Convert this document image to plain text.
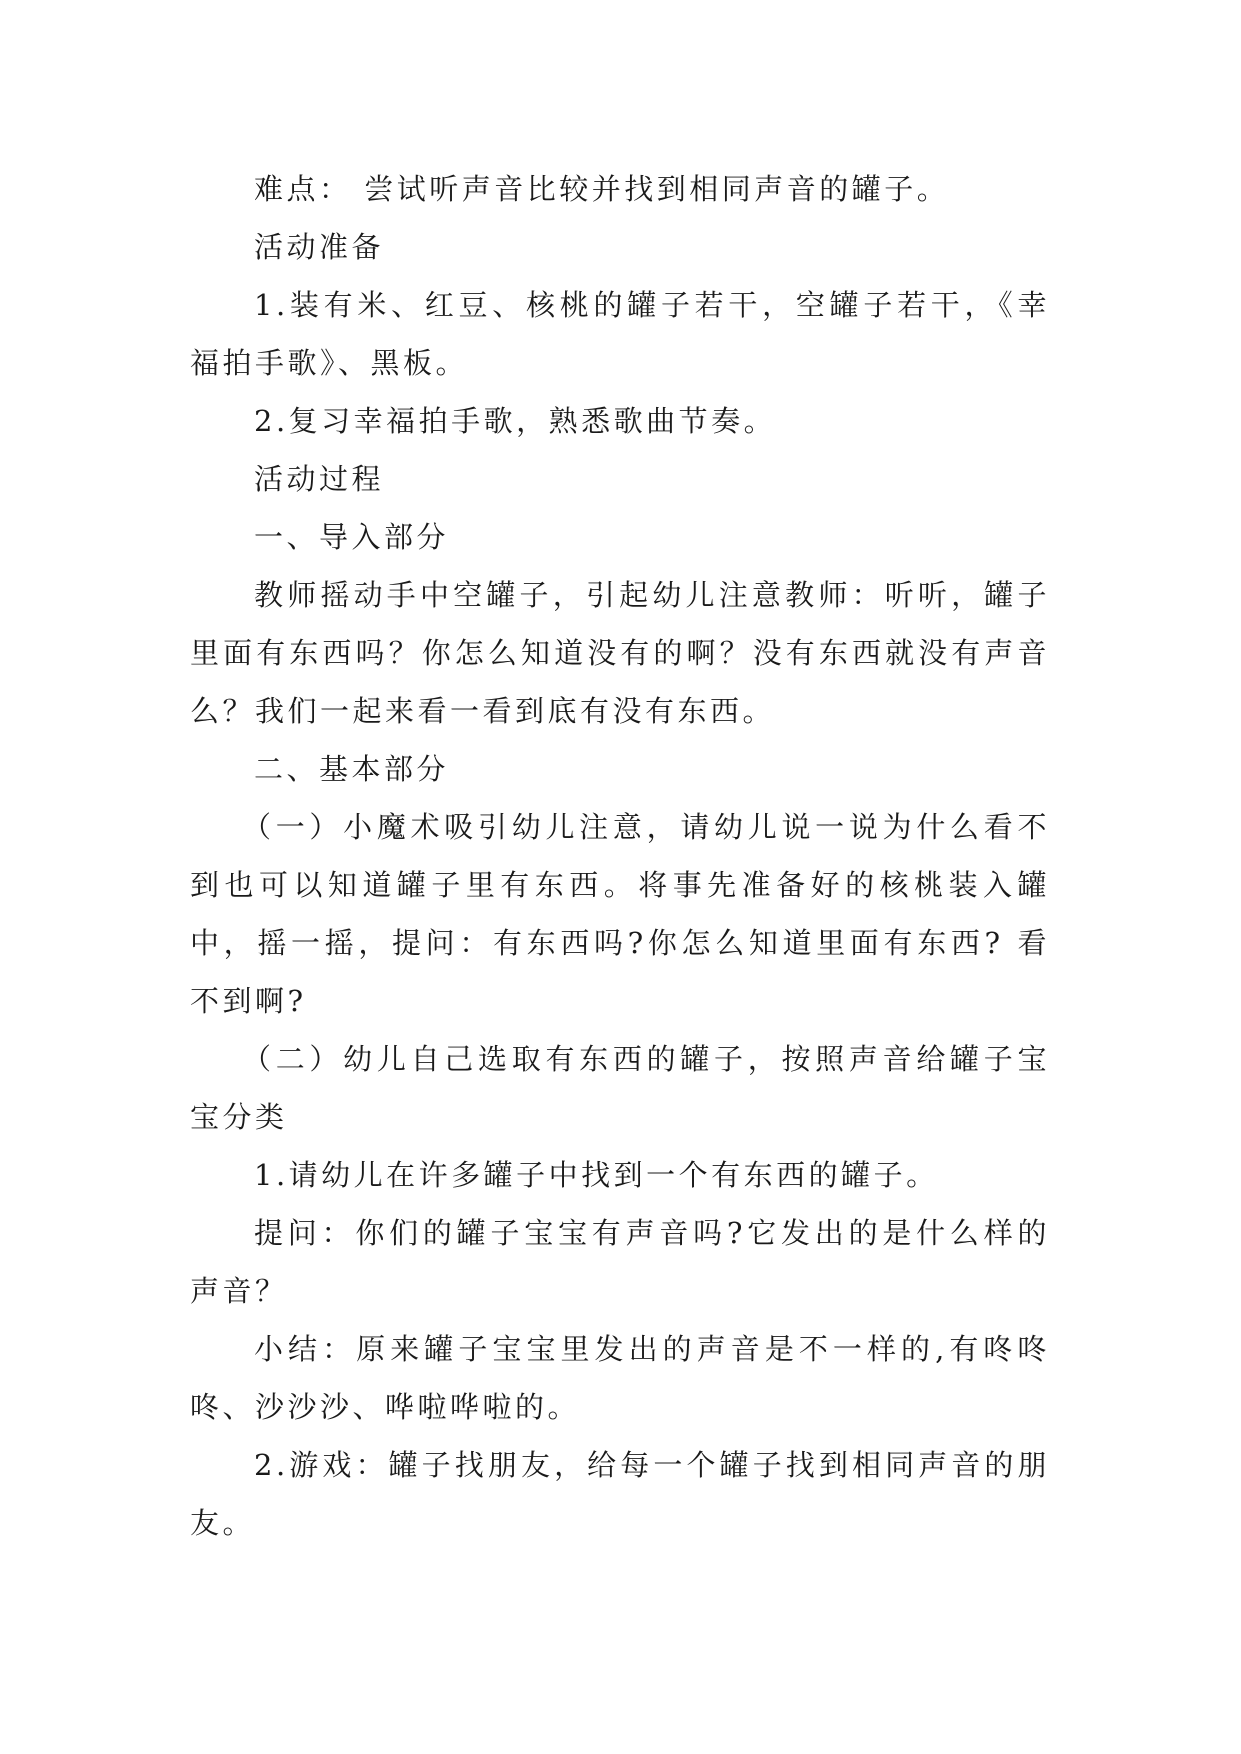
难点： 尝试听声音比较并找到相同声音的罐子。

活动准备

1.装有米、红豆、核桃的罐子若干，空罐子若干，《幸福拍手歌》、黑板。

2.复习幸福拍手歌，熟悉歌曲节奏。

活动过程

一、导入部分

教师摇动手中空罐子，引起幼儿注意教师：听听，罐子里面有东西吗？你怎么知道没有的啊？没有东西就没有声音么？我们一起来看一看到底有没有东西。

二、基本部分

（一）小魔术吸引幼儿注意，请幼儿说一说为什么看不到也可以知道罐子里有东西。将事先准备好的核桃装入罐中，摇一摇，提问：有东西吗?你怎么知道里面有东西? 看不到啊?

（二）幼儿自己选取有东西的罐子，按照声音给罐子宝宝分类

1.请幼儿在许多罐子中找到一个有东西的罐子。

提问：你们的罐子宝宝有声音吗?它发出的是什么样的声音？

小结：原来罐子宝宝里发出的声音是不一样的,有咚咚咚、沙沙沙、哗啦哗啦的。

2.游戏：罐子找朋友，给每一个罐子找到相同声音的朋友。
